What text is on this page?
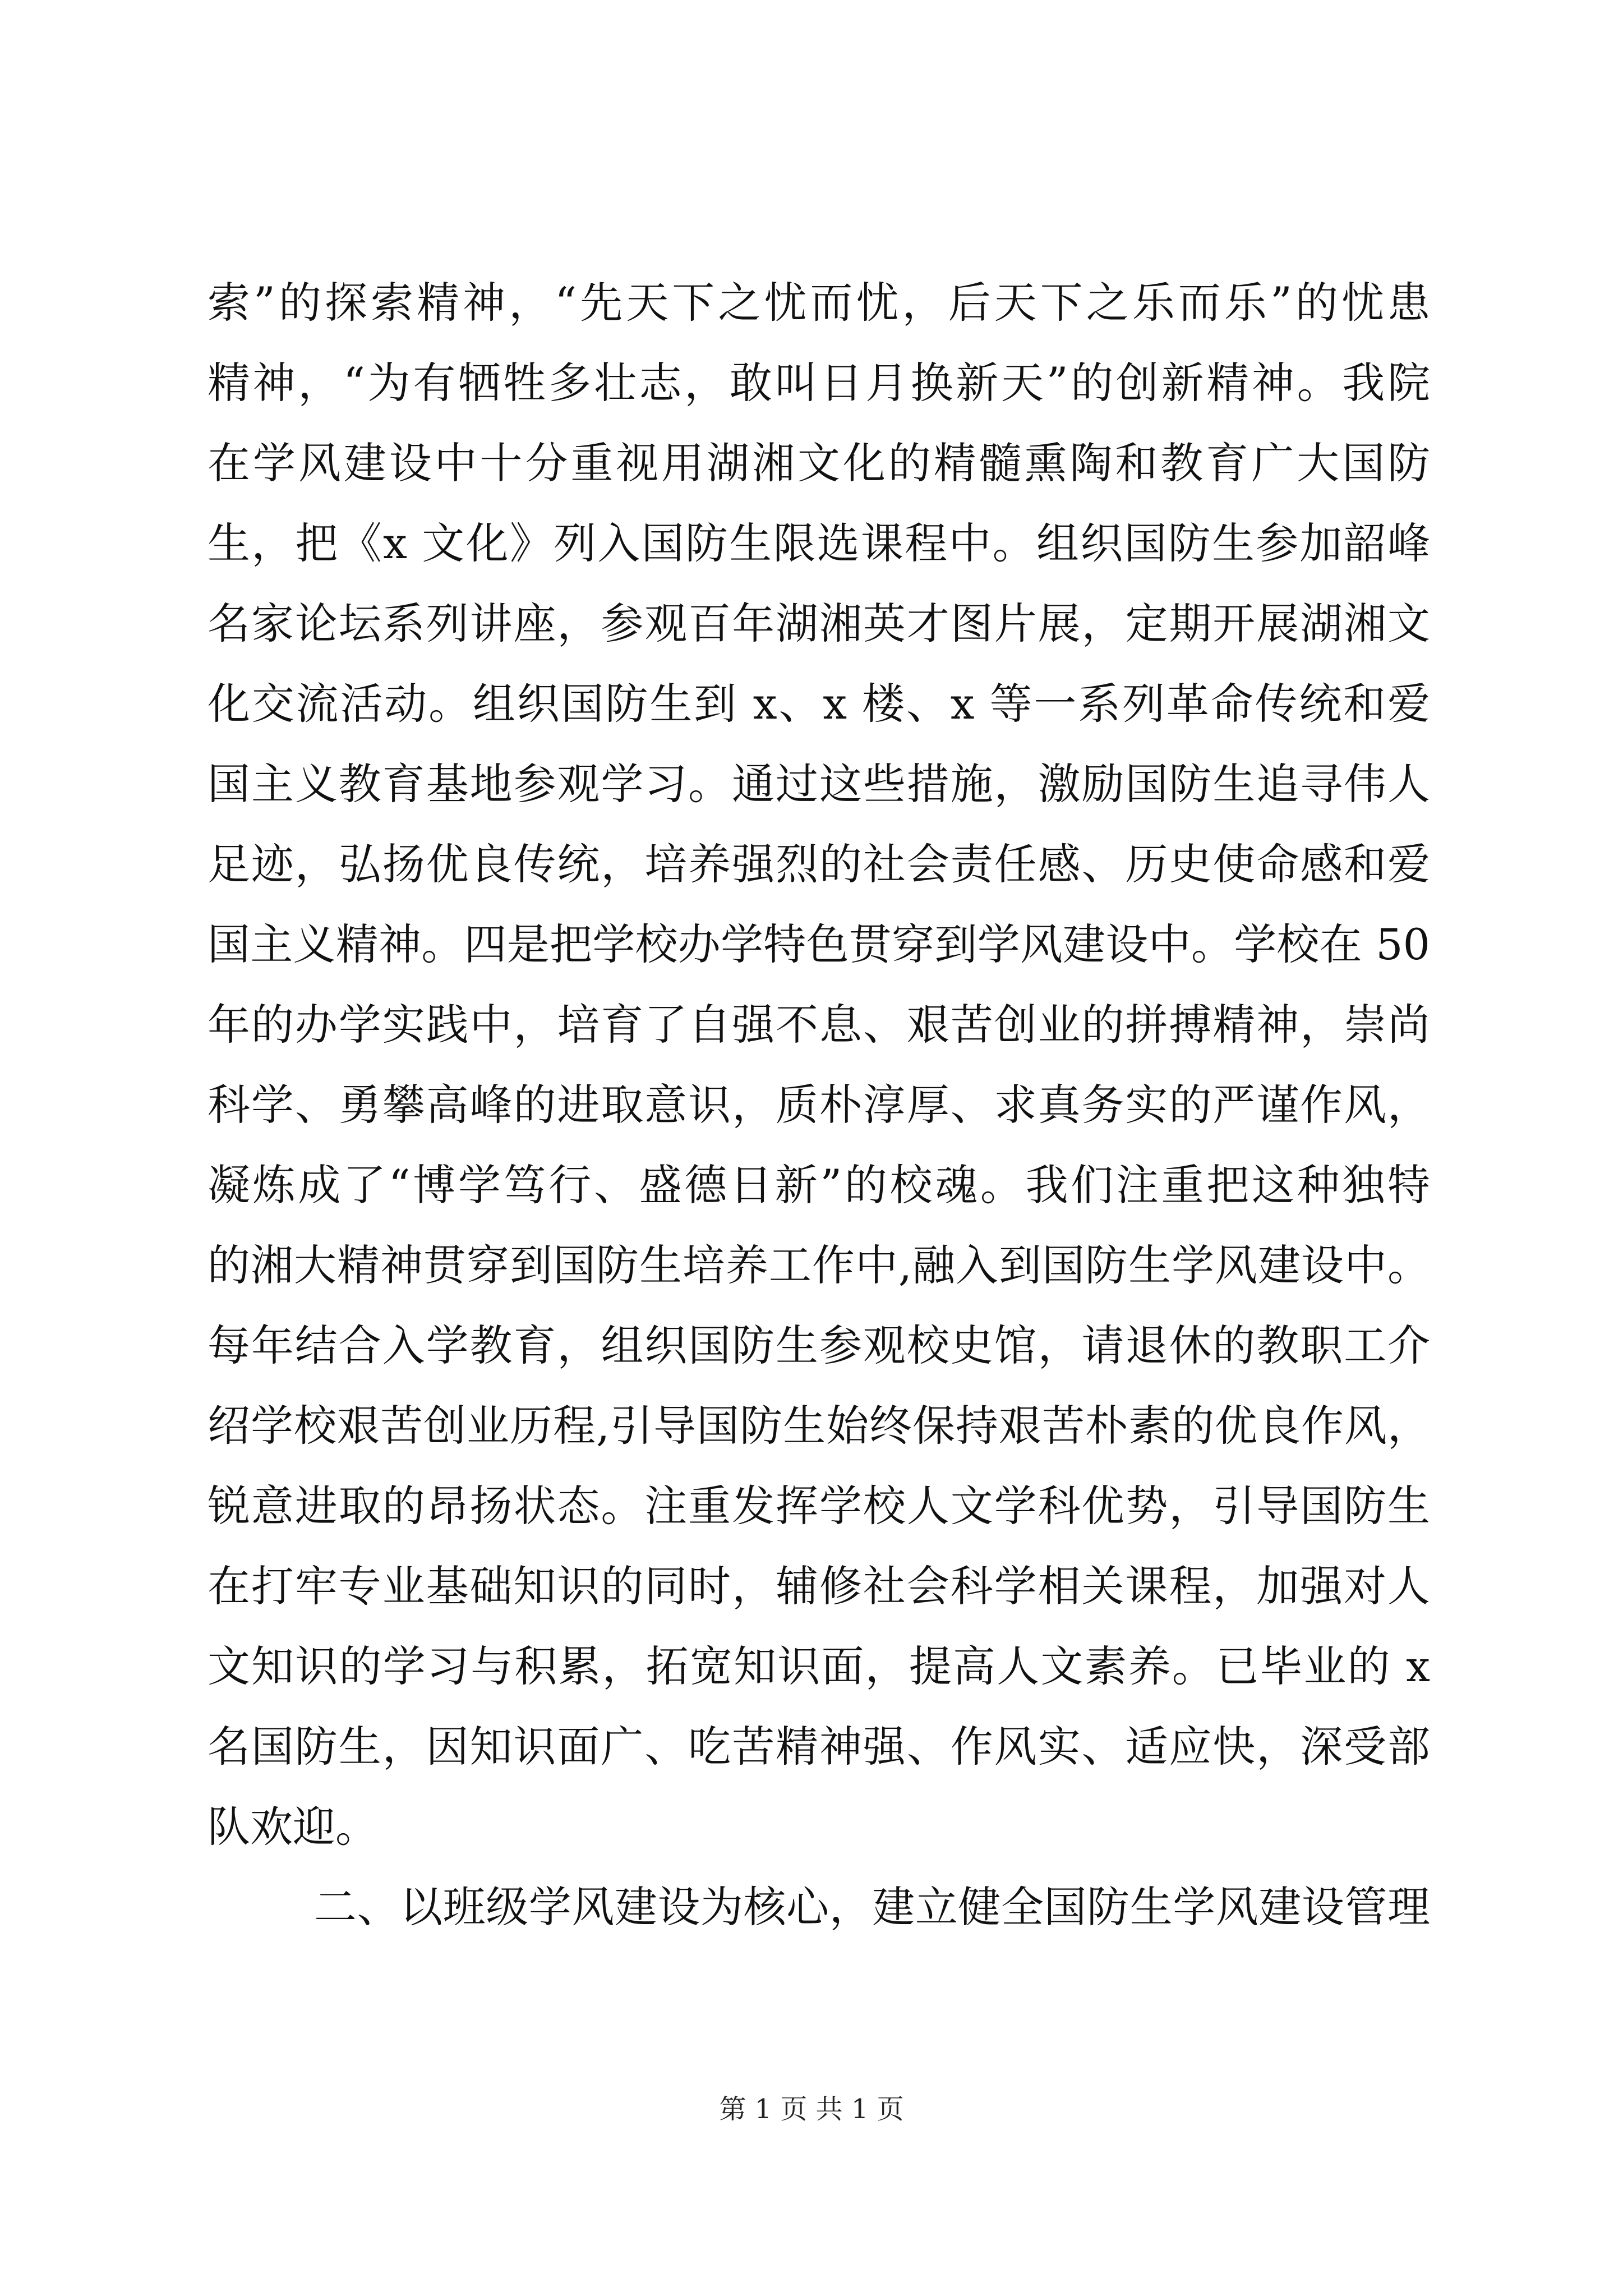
索”的探索精神，“先天下之忧而忧，后天下之乐而乐”的忧患
精神，“为有牺牲多壮志，敢叫日月换新天”的创新精神。我院
在学风建设中十分重视用湖湘文化的精髓熏陶和教育广大国防
生，把《x 文化》列入国防生限选课程中。组织国防生参加韶峰
名家论坛系列讲座，参观百年湖湘英才图片展，定期开展湖湘文
化交流活动。组织国防生到 x、x 楼、x 等一系列革命传统和爱
国主义教育基地参观学习。通过这些措施，激励国防生追寻伟人
足迹，弘扬优良传统，培养强烈的社会责任感、历史使命感和爱
国主义精神。四是把学校办学特色贯穿到学风建设中。学校在 50
年的办学实践中，培育了自强不息、艰苦创业的拼搏精神，崇尚
科学、勇攀高峰的进取意识，质朴淳厚、求真务实的严谨作风，
凝炼成了“博学笃行、盛德日新”的校魂。我们注重把这种独特
的湘大精神贯穿到国防生培养工作中,融入到国防生学风建设中。
每年结合入学教育，组织国防生参观校史馆，请退休的教职工介
绍学校艰苦创业历程,引导国防生始终保持艰苦朴素的优良作风，
锐意进取的昂扬状态。注重发挥学校人文学科优势，引导国防生
在打牢专业基础知识的同时，辅修社会科学相关课程，加强对人
文知识的学习与积累，拓宽知识面，提高人文素养。已毕业的 x
名国防生，因知识面广、吃苦精神强、作风实、适应快，深受部
队欢迎。
二、以班级学风建设为核心，建立健全国防生学风建设管理
第 1 页 共 1 页
